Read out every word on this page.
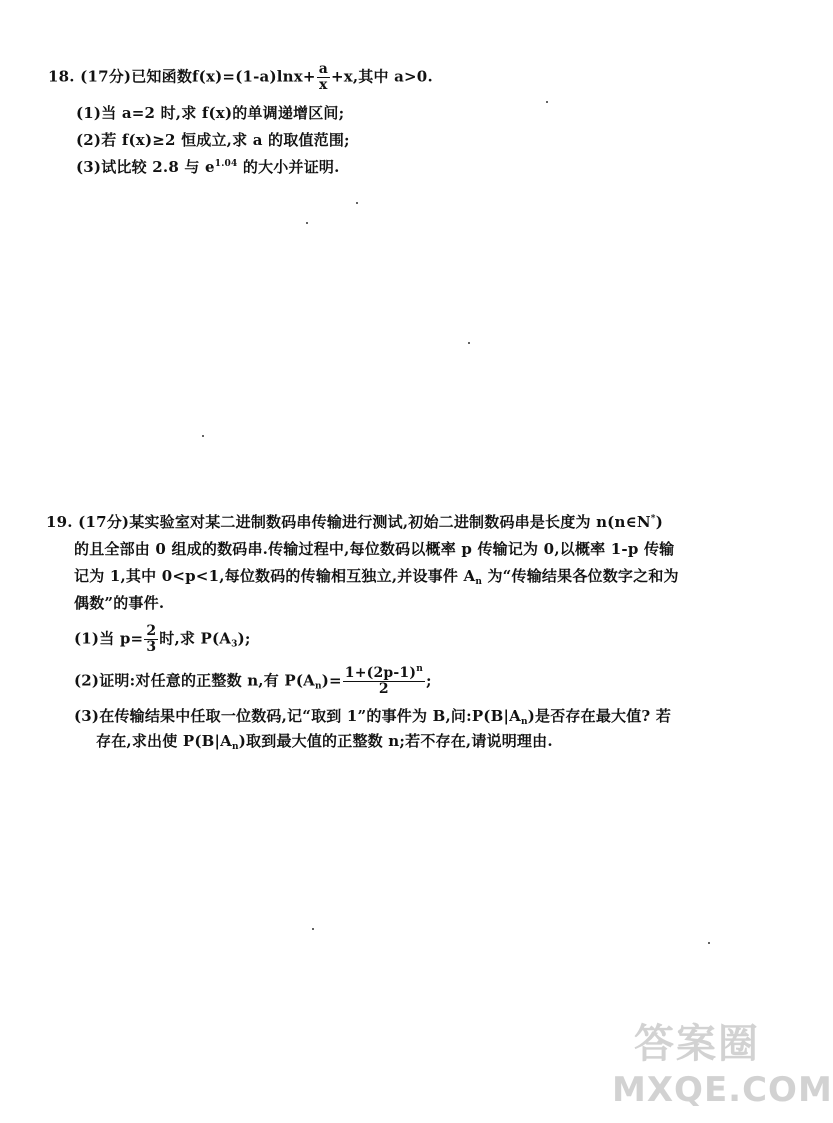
18. (17分)已知函数$f(x)=(1-a)\ln x+ \frac{a}{x} +x$,其中 a>0.
(1)当 a=2 时,求 f(x)的单调递增区间;
(2)若 f(x)≥2 恒成立,求 a 的取值范围;
(3)试比较 2.8 与 $e^{1.04}$ 的大小并证明.
19. (17分)某实验室对某二进制数码串传输进行测试,初始二进制数码串是长度为 n(n∈N*)
的且全部由 0 组成的数码串.传输过程中,每位数码以概率 p 传输记为 0,以概率 1-p 传输
记为 1,其中 0<p<1,每位数码的传输相互独立,并设事件 $A_n$ 为“传输结果各位数字之和为
偶数”的事件.
(1)当 $p= \frac{2}{3}$ 时,求 $P(A_3)$;
(2)证明:对任意的正整数 n,有 $P(A_n)= \frac{1+(2p-1)^n}{2}$ ;
(3)在传输结果中任取一位数码,记“取到 1”的事件为 B,问$:P(B|A_n)$是否存在最大值? 若
存在,求出使 $P(B|A_n)$取到最大值的正整数 n;若不存在,请说明理由.
答案圈
MXQE.COM
